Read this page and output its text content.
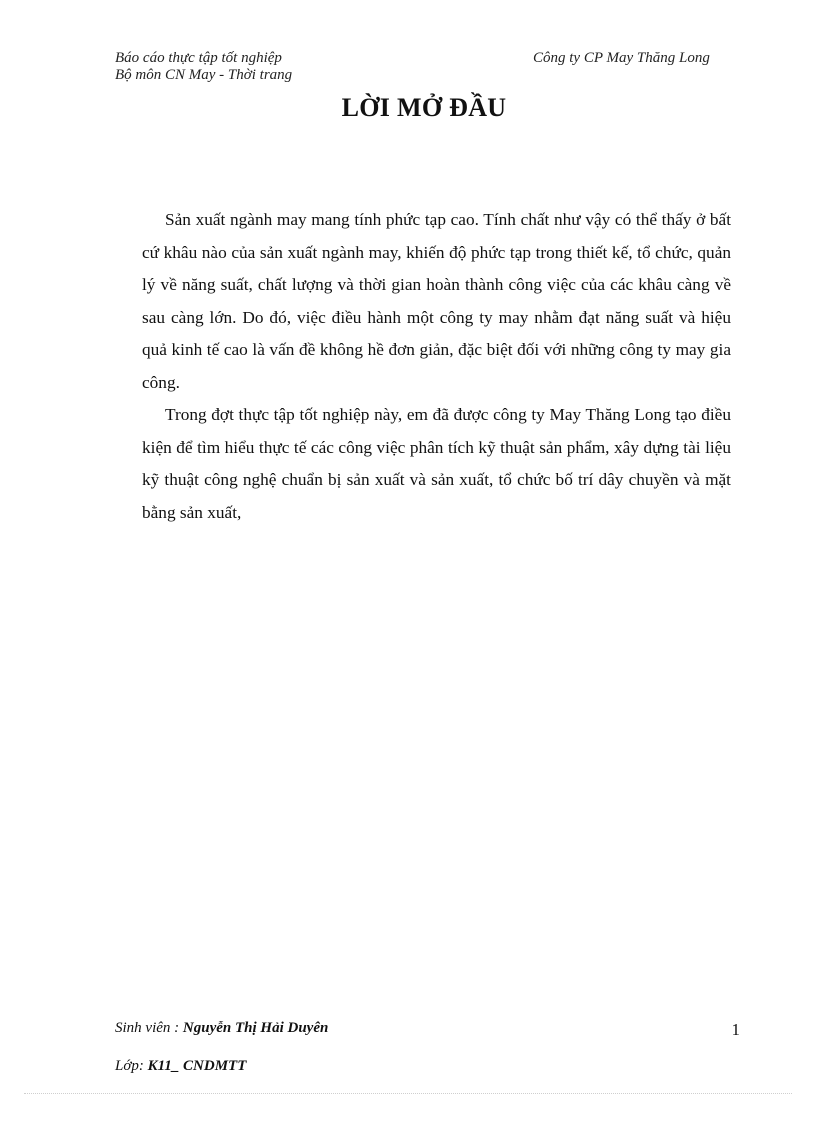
Báo cáo thực tập tốt nghiệp
Bộ môn CN May - Thời trang
Công ty CP May Thăng Long
LỜI MỞ ĐẦU

Sản xuất ngành may mang tính phức tạp cao. Tính chất như vậy có thể thấy ở bất cứ khâu nào của sản xuất ngành may, khiến độ phức tạp trong thiết kế, tổ chức, quản lý về năng suất, chất lượng và thời gian hoàn thành công việc của các khâu càng về sau càng lớn. Do đó, việc điều hành một công ty may nhằm đạt năng suất và hiệu quả kinh tế cao là vấn đề không hề đơn giản, đặc biệt đối với những công ty may gia công.

Trong đợt thực tập tốt nghiệp này, em đã được công ty May Thăng Long tạo điều kiện để tìm hiểu thực tế các công việc phân tích kỹ thuật sản phẩm, xây dựng tài liệu kỹ thuật công nghệ chuẩn bị sản xuất và sản xuất, tổ chức bố trí dây chuyền và mặt bằng sản xuất,

Sinh viên : Nguyễn Thị Hải Duyên	1
Lớp: K11_ CNDMTT
